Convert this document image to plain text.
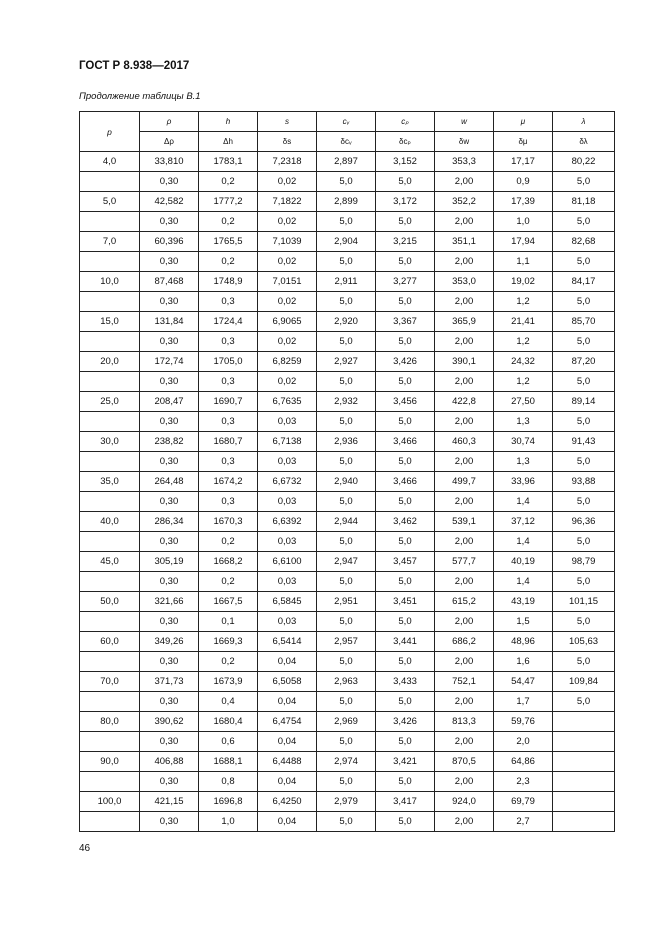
ГОСТ Р 8.938—2017
Продолжение таблицы В.1
p	ρ	h	s	cᵥ	cₚ	w	μ	λ
	Δρ	Δh	δs	δcᵥ	δcₚ	δw	δμ	δλ
4,0	33,810	1783,1	7,2318	2,897	3,152	353,3	17,17	80,22
	0,30	0,2	0,02	5,0	5,0	2,00	0,9	5,0
5,0	42,582	1777,2	7,1822	2,899	3,172	352,2	17,39	81,18
	0,30	0,2	0,02	5,0	5,0	2,00	1,0	5,0
7,0	60,396	1765,5	7,1039	2,904	3,215	351,1	17,94	82,68
	0,30	0,2	0,02	5,0	5,0	2,00	1,1	5,0
10,0	87,468	1748,9	7,0151	2,911	3,277	353,0	19,02	84,17
	0,30	0,3	0,02	5,0	5,0	2,00	1,2	5,0
15,0	131,84	1724,4	6,9065	2,920	3,367	365,9	21,41	85,70
	0,30	0,3	0,02	5,0	5,0	2,00	1,2	5,0
20,0	172,74	1705,0	6,8259	2,927	3,426	390,1	24,32	87,20
	0,30	0,3	0,02	5,0	5,0	2,00	1,2	5,0
25,0	208,47	1690,7	6,7635	2,932	3,456	422,8	27,50	89,14
	0,30	0,3	0,03	5,0	5,0	2,00	1,3	5,0
30,0	238,82	1680,7	6,7138	2,936	3,466	460,3	30,74	91,43
	0,30	0,3	0,03	5,0	5,0	2,00	1,3	5,0
35,0	264,48	1674,2	6,6732	2,940	3,466	499,7	33,96	93,88
	0,30	0,3	0,03	5,0	5,0	2,00	1,4	5,0
40,0	286,34	1670,3	6,6392	2,944	3,462	539,1	37,12	96,36
	0,30	0,2	0,03	5,0	5,0	2,00	1,4	5,0
45,0	305,19	1668,2	6,6100	2,947	3,457	577,7	40,19	98,79
	0,30	0,2	0,03	5,0	5,0	2,00	1,4	5,0
50,0	321,66	1667,5	6,5845	2,951	3,451	615,2	43,19	101,15
	0,30	0,1	0,03	5,0	5,0	2,00	1,5	5,0
60,0	349,26	1669,3	6,5414	2,957	3,441	686,2	48,96	105,63
	0,30	0,2	0,04	5,0	5,0	2,00	1,6	5,0
70,0	371,73	1673,9	6,5058	2,963	3,433	752,1	54,47	109,84
	0,30	0,4	0,04	5,0	5,0	2,00	1,7	5,0
80,0	390,62	1680,4	6,4754	2,969	3,426	813,3	59,76	
	0,30	0,6	0,04	5,0	5,0	2,00	2,0	
90,0	406,88	1688,1	6,4488	2,974	3,421	870,5	64,86	
	0,30	0,8	0,04	5,0	5,0	2,00	2,3	
100,0	421,15	1696,8	6,4250	2,979	3,417	924,0	69,79	
	0,30	1,0	0,04	5,0	5,0	2,00	2,7	
46
